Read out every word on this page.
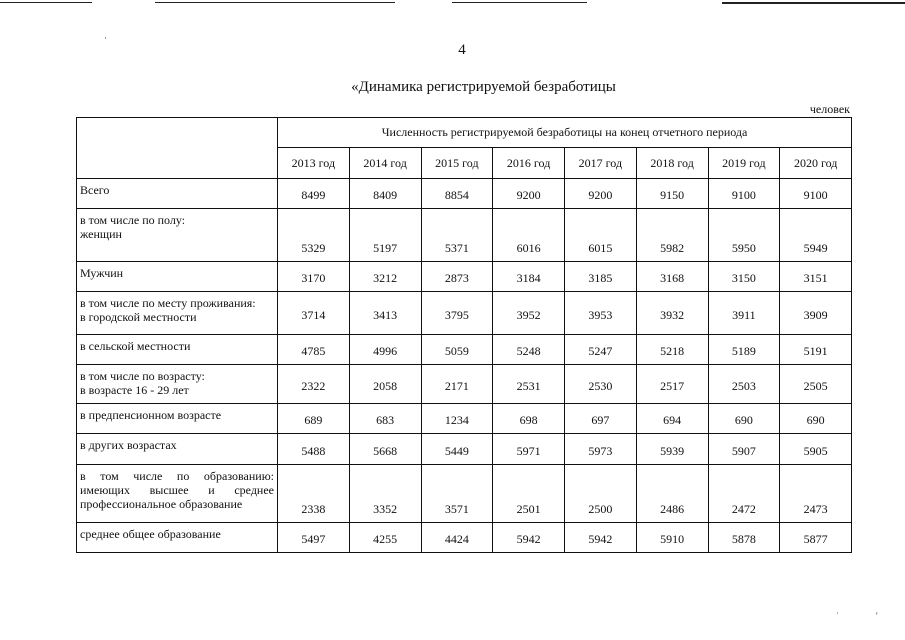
·
˙	'
4
«Динамика регистрируемой безработицы
человек
	Численность регистрируемой безработицы на конец отчетного периода							
	2013 год	2014 год	2015 год	2016 год	2017 год	2018 год	2019 год	2020 год

Всего	8499	8409	8854	9200	9200	9150	9100	9100

в том числе по полу:
женщин	5329	5197	5371	6016	6015	5982	5950	5949

Мужчин	3170	3212	2873	3184	3185	3168	3150	3151

в том числе по месту проживания:
в городской местности	3714	3413	3795	3952	3953	3932	3911	3909

в сельской местности	4785	4996	5059	5248	5247	5218	5189	5191

в том числе по возрасту:
в возрасте 16 - 29 лет	2322	2058	2171	2531	2530	2517	2503	2505

в предпенсионном возрасте	689	683	1234	698	697	694	690	690

в других возрастах	5488	5668	5449	5971	5973	5939	5907	5905

в том числе по образованию: имеющих высшее и среднее профессиональное образование	2338	3352	3571	2501	2500	2486	2472	2473

среднее общее образование	5497	4255	4424	5942	5942	5910	5878	5877
